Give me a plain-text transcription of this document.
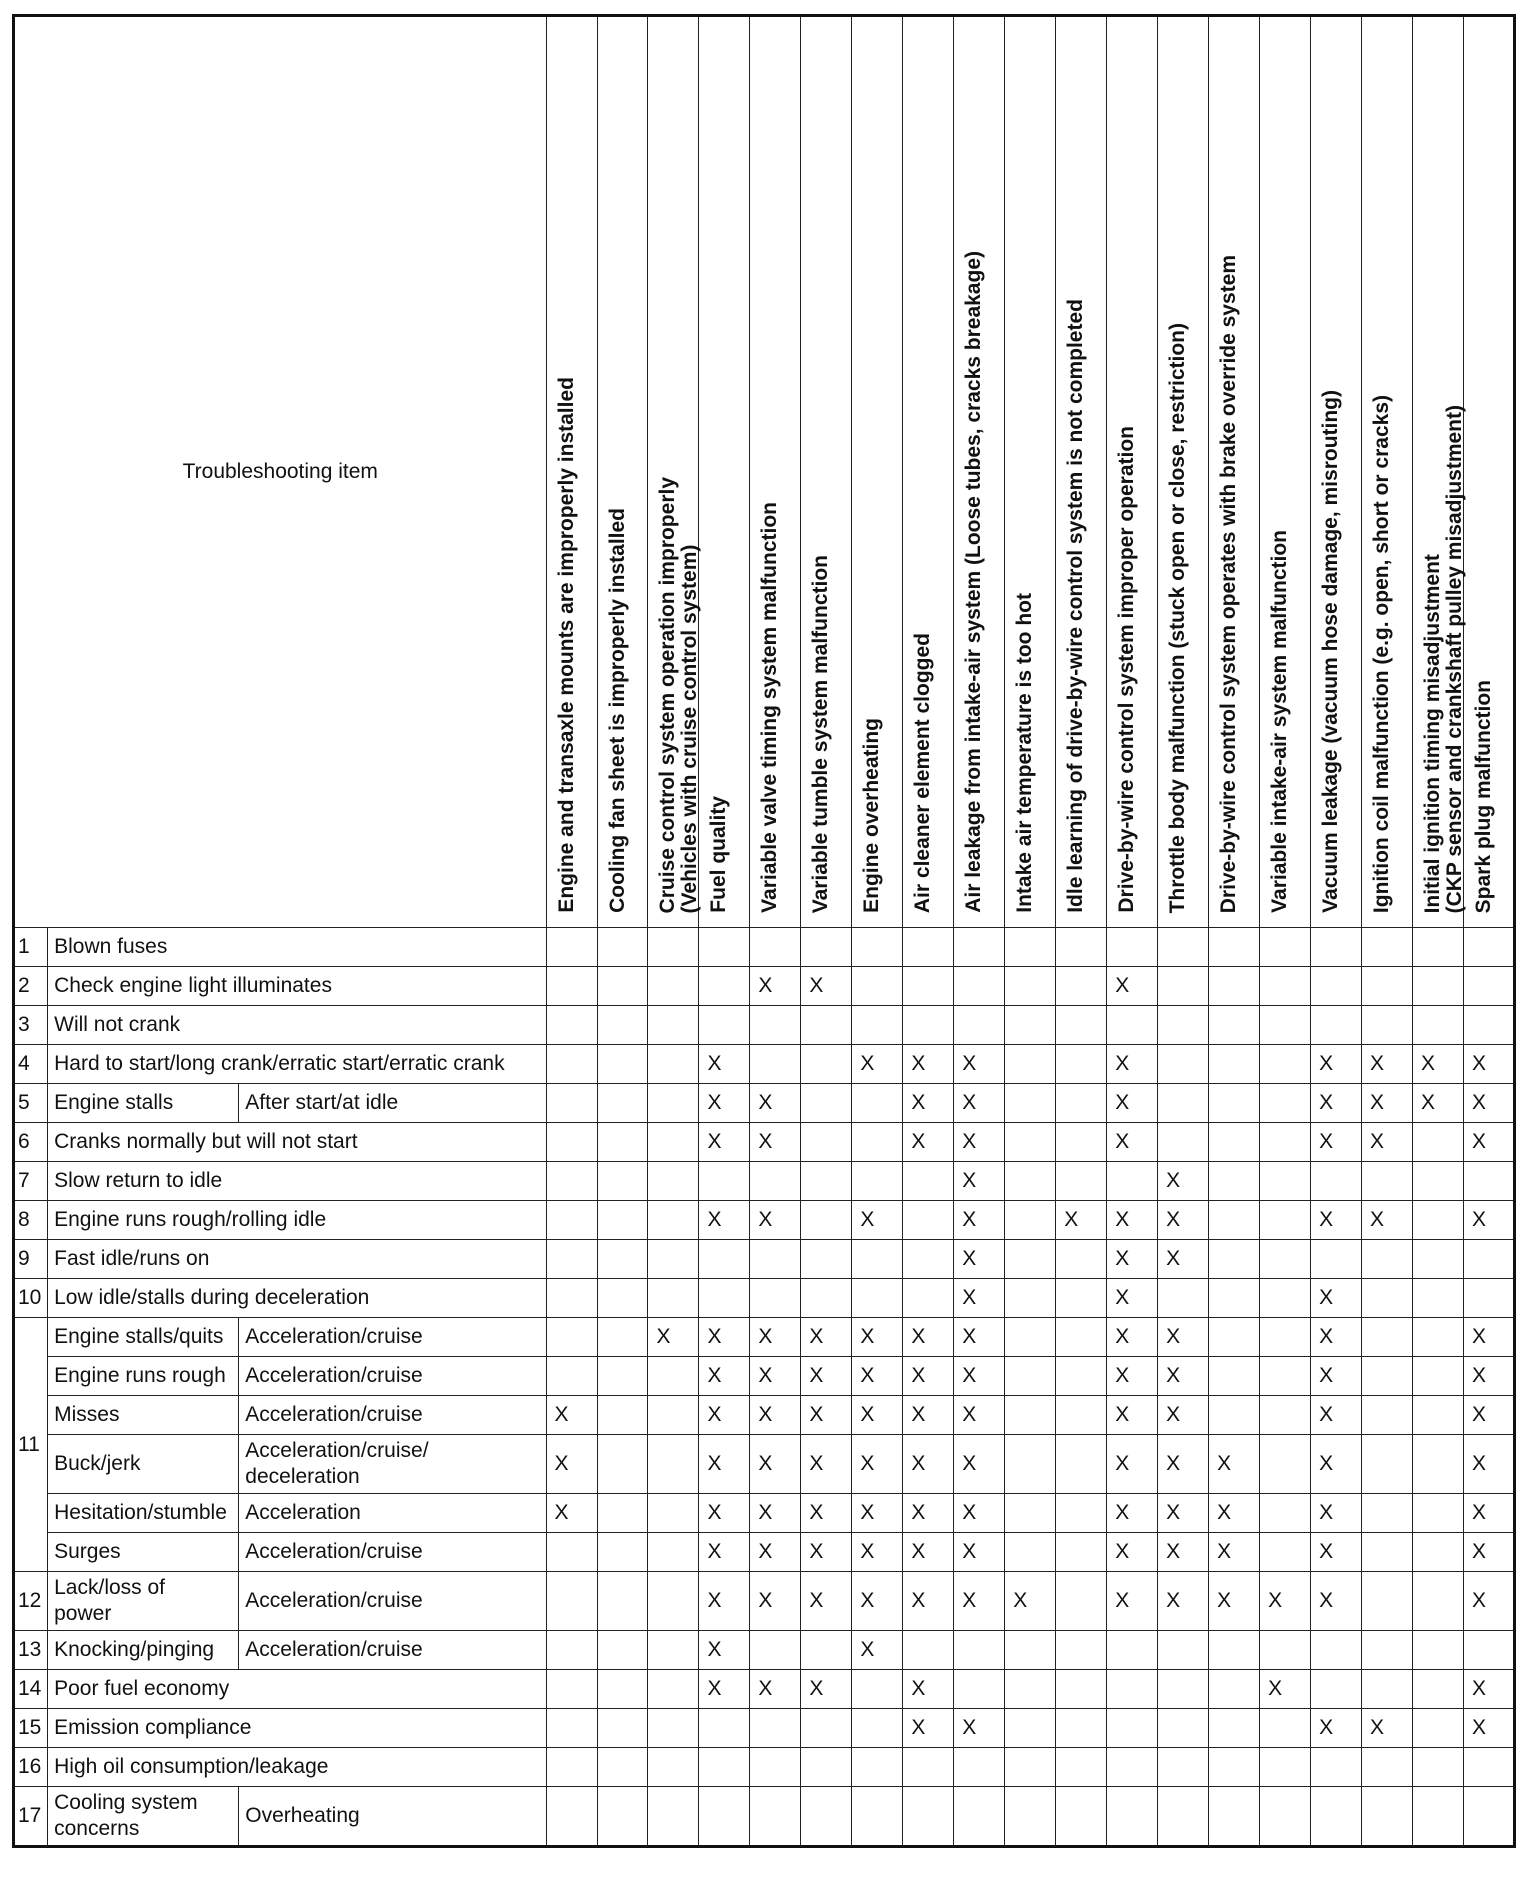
Troubleshooting item			Engine and transaxle mounts are improperly installed	Cooling fan sheet is improperly installed	Cruise control system operation improperly
(Vehicles with cruise control system)	Fuel quality	Variable valve timing system malfunction	Variable tumble system malfunction	Engine overheating	Air cleaner element clogged	Air leakage from intake-air system (Loose tubes, cracks breakage)	Intake air temperature is too hot	Idle learning of drive-by-wire control system is not completed	Drive-by-wire control system improper operation	Throttle body malfunction (stuck open or close, restriction)	Drive-by-wire control system operates with brake override system	Variable intake-air system malfunction	Vacuum leakage (vacuum hose damage, misrouting)	Ignition coil malfunction (e.g. open, short or cracks)	Initial ignition timing misadjustment
(CKP sensor and crankshaft pulley misadjustment)	Spark plug malfunction
1	Blown fuses																				
2	Check engine light illuminates						X	X						X							
3	Will not crank																				
4	Hard to start/long crank/erratic start/erratic crank					X			X	X	X			X				X	X	X	X
5	Engine stalls	After start/at idle				X	X			X	X			X				X	X	X	X
6	Cranks normally but will not start					X	X			X	X			X				X	X		X
7	Slow return to idle										X				X						
8	Engine runs rough/rolling idle					X	X		X		X		X	X	X			X	X		X
9	Fast idle/runs on										X			X	X						
10	Low idle/stalls during deceleration										X			X				X			
11	Engine stalls/quits	Acceleration/cruise			X	X	X	X	X	X	X			X	X			X			X
	Engine runs rough	Acceleration/cruise				X	X	X	X	X	X			X	X			X			X
	Misses	Acceleration/cruise	X			X	X	X	X	X	X			X	X			X			X
	Buck/jerk	Acceleration/cruise/
deceleration	X			X	X	X	X	X	X			X	X	X		X			X
	Hesitation/stumble	Acceleration	X			X	X	X	X	X	X			X	X	X		X			X
	Surges	Acceleration/cruise				X	X	X	X	X	X			X	X	X		X			X
12	Lack/loss of
power	Acceleration/cruise				X	X	X	X	X	X	X		X	X	X	X	X			X
13	Knocking/pinging	Acceleration/cruise				X			X												
14	Poor fuel economy					X	X	X		X							X				X
15	Emission compliance									X	X							X	X		X
16	High oil consumption/leakage																				
17	Cooling system
concerns	Overheating																			
